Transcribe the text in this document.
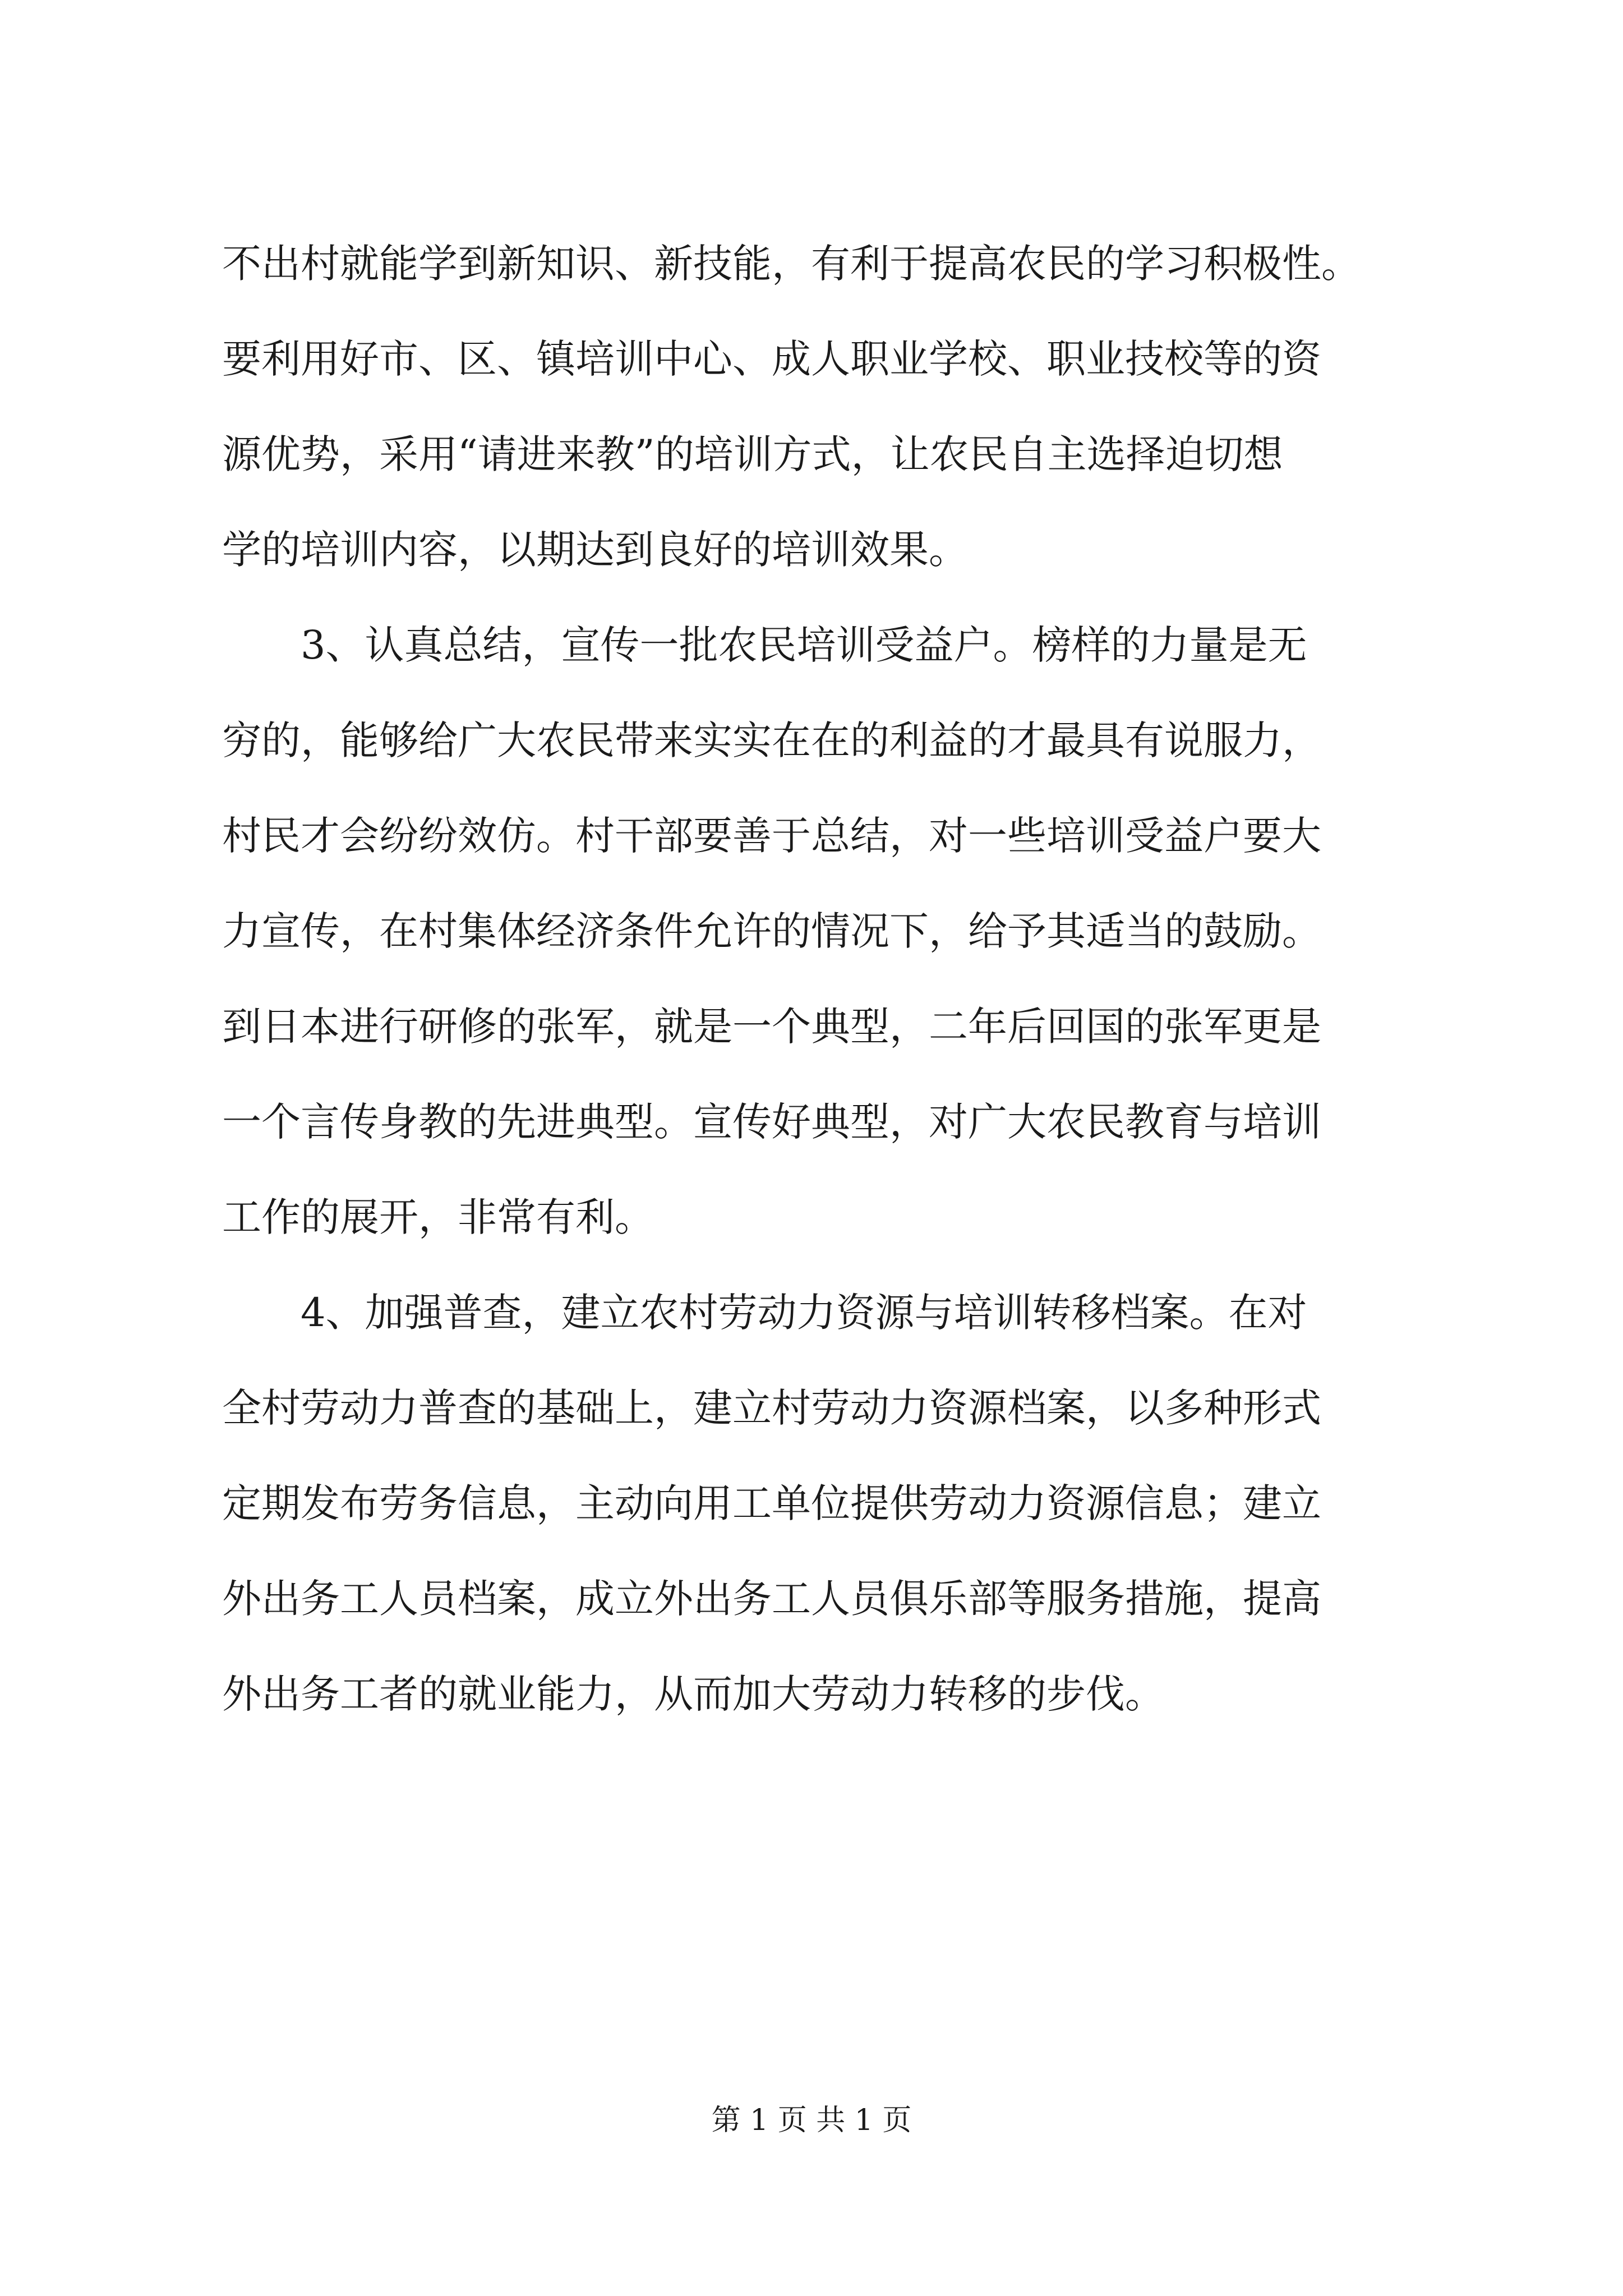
不出村就能学到新知识、新技能，有利于提高农民的学习积极性。
要利用好市、区、镇培训中心、成人职业学校、职业技校等的资
源优势，采用“请进来教”的培训方式，让农民自主选择迫切想
学的培训内容，以期达到良好的培训效果。
3、认真总结，宣传一批农民培训受益户。榜样的力量是无
穷的，能够给广大农民带来实实在在的利益的才最具有说服力，
村民才会纷纷效仿。村干部要善于总结，对一些培训受益户要大
力宣传，在村集体经济条件允许的情况下，给予其适当的鼓励。
到日本进行研修的张军，就是一个典型，二年后回国的张军更是
一个言传身教的先进典型。宣传好典型，对广大农民教育与培训
工作的展开，非常有利。
4、加强普查，建立农村劳动力资源与培训转移档案。在对
全村劳动力普查的基础上，建立村劳动力资源档案，以多种形式
定期发布劳务信息，主动向用工单位提供劳动力资源信息；建立
外出务工人员档案，成立外出务工人员俱乐部等服务措施，提高
外出务工者的就业能力，从而加大劳动力转移的步伐。
第 1 页 共 1 页
